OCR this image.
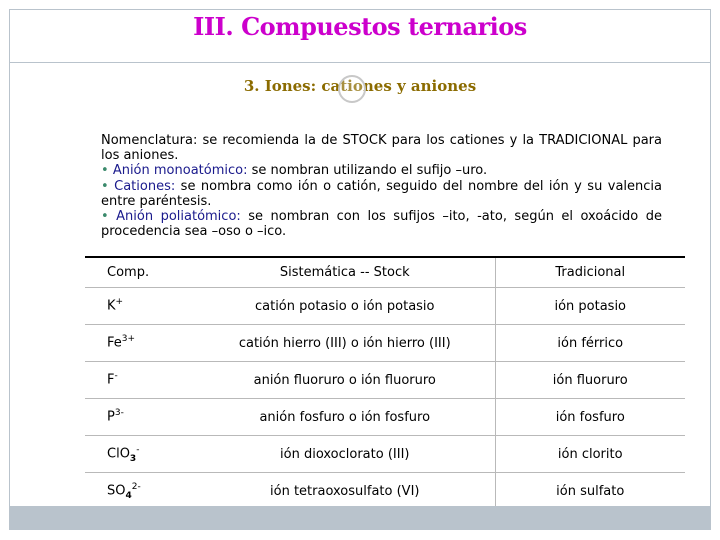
III. Compuestos ternarios
3. Iones: cationes y aniones

Nomenclatura: se recomienda la de STOCK para los cationes y la TRADICIONAL para los aniones.

• Anión monoatómico: se nombran utilizando el sufijo –uro.

• Cationes: se nombra como ión o catión, seguido del nombre del ión y su valencia entre paréntesis.

• Anión poliatómico: se nombran con los sufijos –ito, -ato, según el oxoácido de procedencia sea –oso o –ico.

Comp.	Sistemática -- Stock	Tradicional
K+	catión potasio o ión potasio	ión potasio
$Fe^{3+}$	catión hierro (III) o ión hierro (III)	ión férrico
F-	anión fluoruro o ión fluoruro	ión fluoruro
$P^{3-}$	anión fosfuro o ión fosfuro	ión fosfuro
ClO$_3$-	ión dioxoclorato (III)	ión clorito
$SO_4^{2-}$	ión tetraoxosulfato (VI)	ión sulfato
